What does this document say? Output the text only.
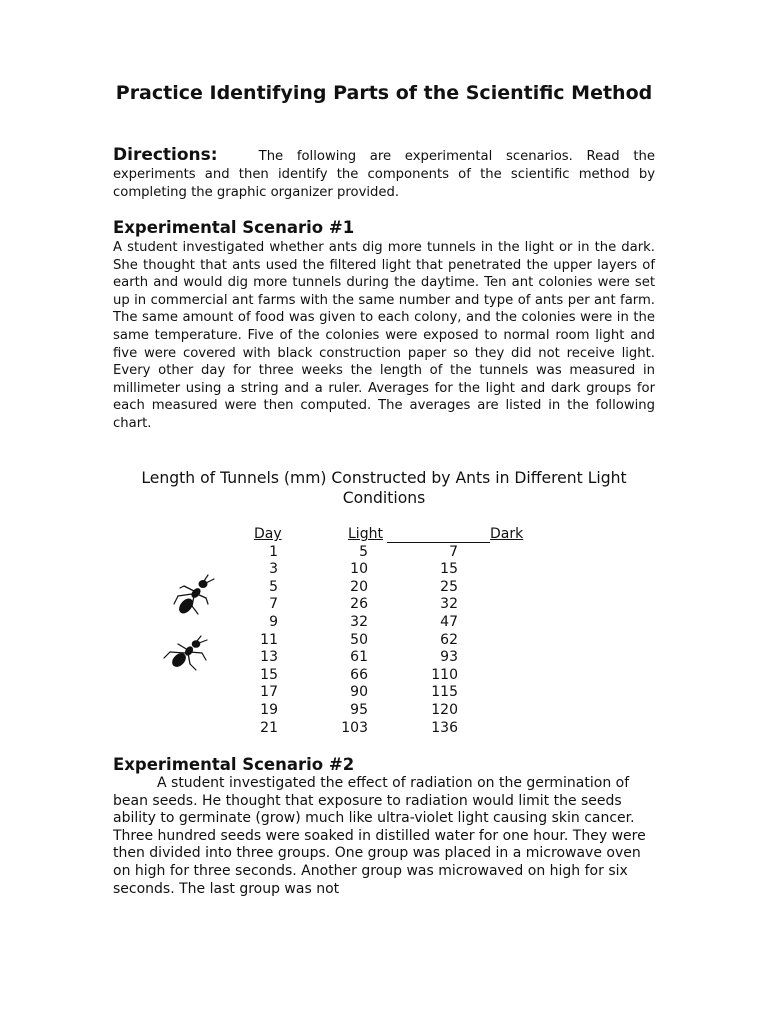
Practice Identifying Parts of the Scientific Method

Directions:	The following are experimental scenarios. Read the experiments and then identify the components of the scientific method by completing the graphic organizer provided.

Experimental Scenario #1

A student investigated whether ants dig more tunnels in the light or in the dark. She thought that ants used the filtered light that penetrated the upper layers of earth and would dig more tunnels during the daytime. Ten ant colonies were set up in commercial ant farms with the same number and type of ants per ant farm. The same amount of food was given to each colony, and the colonies were in the same temperature. Five of the colonies were exposed to normal room light and five were covered with black construction paper so they did not receive light. Every other day for three weeks the length of the tunnels was measured in millimeter using a string and a ruler. Averages for the light and dark groups for each measured were then computed. The averages are listed in the following chart.

Length of Tunnels (mm) Constructed by Ants in Different Light Conditions

Day	Light	Dark
1	5	7
3	10	15
5	20	25
7	26	32
9	32	47
11	50	62
13	61	93
15	66	110
17	90	115
19	95	120
21	103	136
Experimental Scenario #2

A student investigated the effect of radiation on the germination of bean seeds. He thought that exposure to radiation would limit the seeds ability to germinate (grow) much like ultra-violet light causing skin cancer. Three hundred seeds were soaked in distilled water for one hour. They were then divided into three groups. One group was placed in a microwave oven on high for three seconds. Another group was microwaved on high for six seconds. The last group was not
